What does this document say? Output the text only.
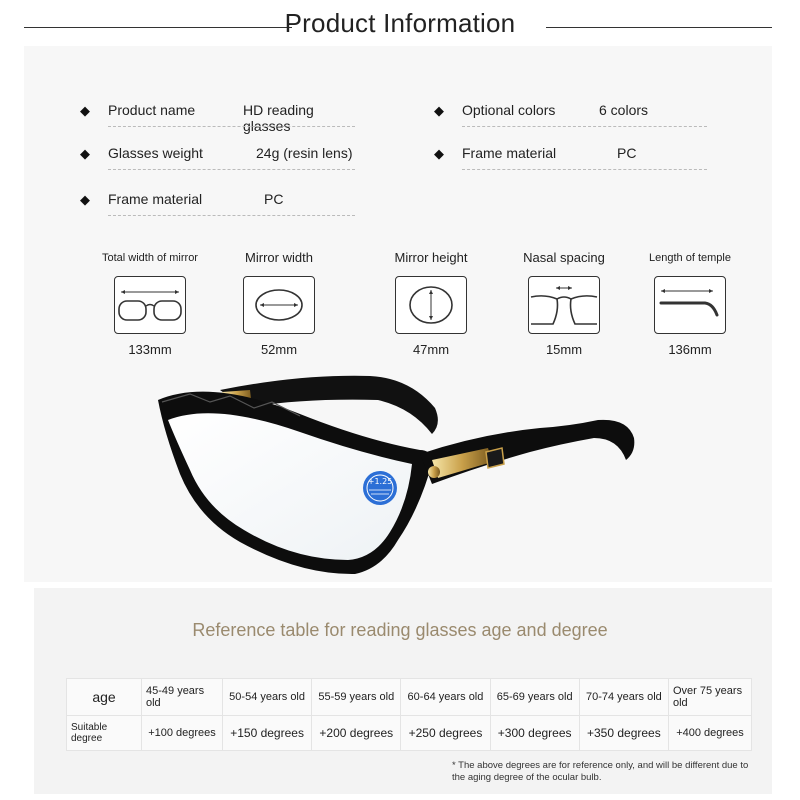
Product Information
◆ Product name	HD reading glasses
◆ Optional colors	6 colors
◆ Glasses weight	24g (resin lens)	◆ Frame material	PC
◆ Frame material	PC
Total width of mirror
133mm
Mirror width
52mm
Mirror height
47mm
Nasal spacing
15mm
Length of temple
136mm
+1.25
Reference table for reading glasses age and degree
age	45-49 years old	50-54 years old	55-59 years old	60-64 years old	65-69 years old	70-74 years old	Over 75 years old
Suitable degree	+100 degrees	+150 degrees	+200 degrees	+250 degrees	+300 degrees	+350 degrees	+400 degrees
* The above degrees are for reference only, and will be different due to the aging degree of the ocular bulb.
